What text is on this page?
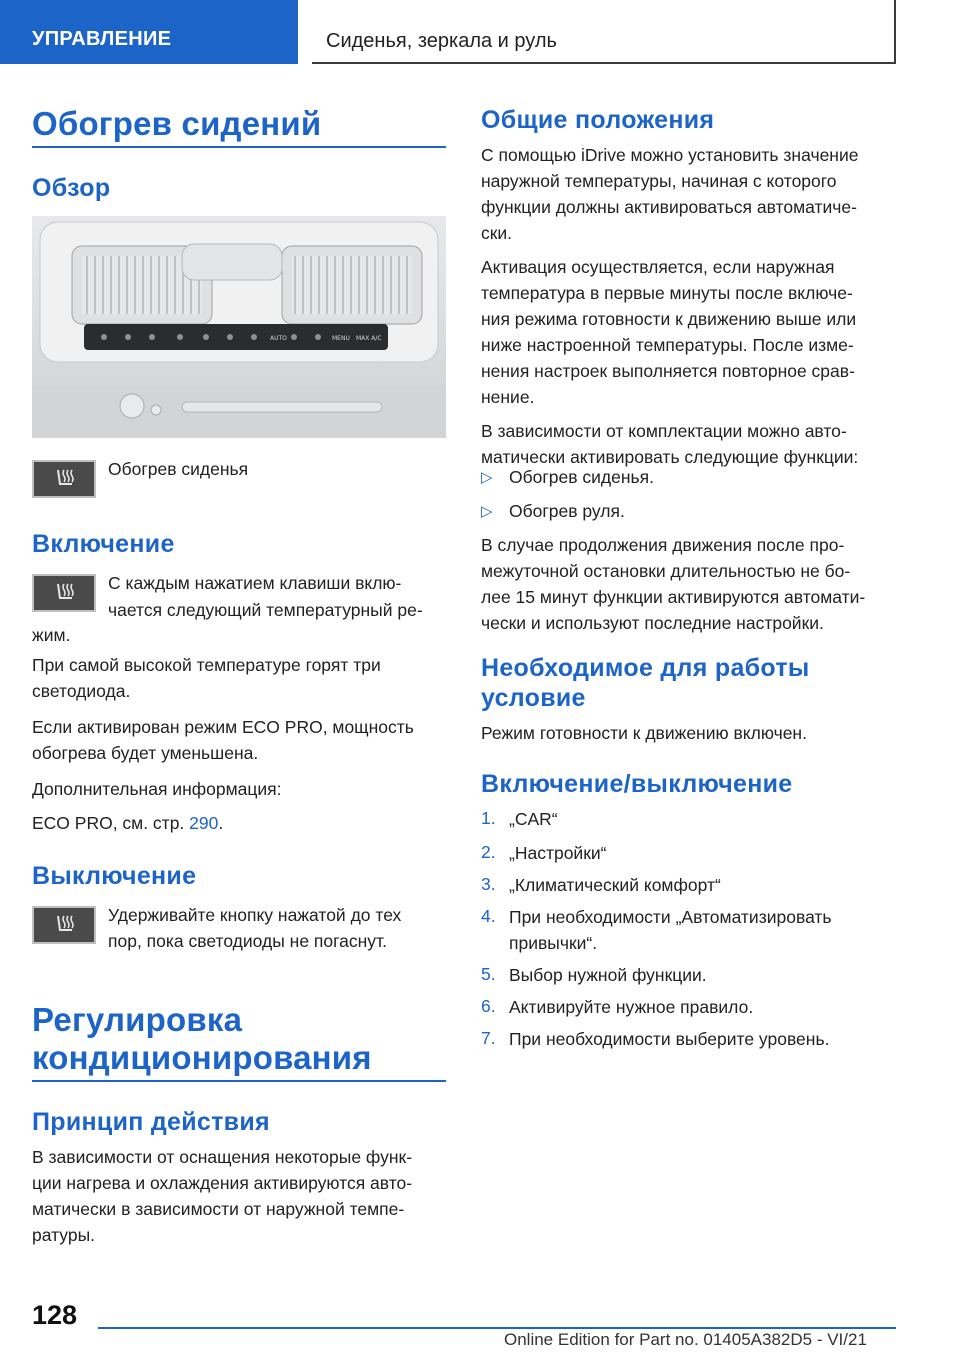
УПРАВЛЕНИЕ	Сиденья, зеркала и руль
Обогрев сидений
Обзор
AUTO	MENU MAX A/C
Обогрев сиденья
Включение
С каждым нажатием клавиши вклю-
чается следующий температурный ре-
жим.
При самой высокой температуре горят три
светодиода.
Если активирован режим ECO PRO, мощность
обогрева будет уменьшена.
Дополнительная информация:
ECO PRO, см. стр. 290.
Выключение
Удерживайте кнопку нажатой до тех
пор, пока светодиоды не погаснут.
Регулировка
кондиционирования
Принцип действия
В зависимости от оснащения некоторые функ-
ции нагрева и охлаждения активируются авто-
матически в зависимости от наружной темпе-
ратуры.
Общие положения
С помощью iDrive можно установить значение
наружной температуры, начиная с которого
функции должны активироваться автоматиче-
ски.
Активация осуществляется, если наружная
температура в первые минуты после включе-
ния режима готовности к движению выше или
ниже настроенной температуры. После изме-
нения настроек выполняется повторное срав-
нение.
В зависимости от комплектации можно авто-
матически активировать следующие функции:
▷ Обогрев сиденья.
▷ Обогрев руля.
В случае продолжения движения после про-
межуточной остановки длительностью не бо-
лее 15 минут функции активируются автомати-
чески и используют последние настройки.
Необходимое для работы
условие
Режим готовности к движению включен.
Включение/выключение
1. „CAR“
2. „Настройки“
3. „Климатический комфорт“
4. При необходимости „Автоматизировать
привычки“.
5. Выбор нужной функции.
6. Активируйте нужное правило.
7. При необходимости выберите уровень.
128
Online Edition for Part no. 01405A382D5 - VI/21
